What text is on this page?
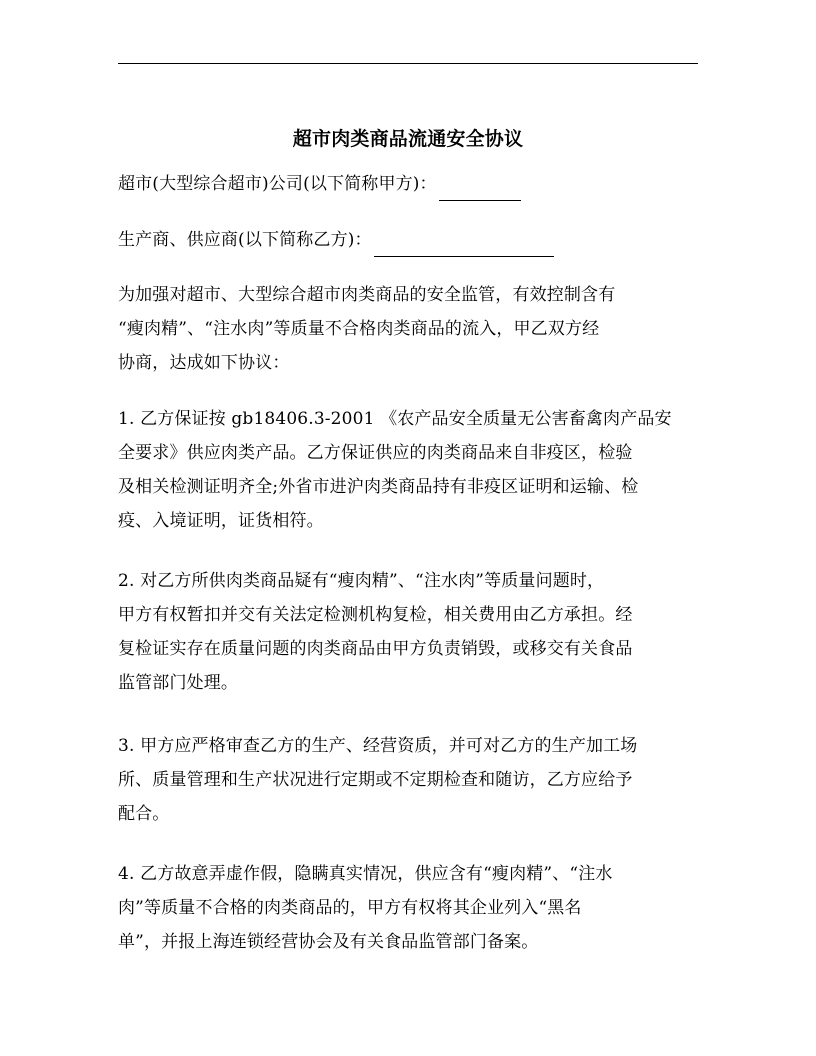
超市肉类商品流通安全协议
超市(大型综合超市)公司(以下简称甲方)：
生产商、供应商(以下简称乙方)：
为加强对超市、大型综合超市肉类商品的安全监管，有效控制含有
“瘦肉精”、“注水肉”等质量不合格肉类商品的流入，甲乙双方经
协商，达成如下协议：
1. 乙方保证按 gb18406.3-2001 《农产品安全质量无公害畜禽肉产品安
全要求》供应肉类产品。乙方保证供应的肉类商品来自非疫区，检验
及相关检测证明齐全;外省市进沪肉类商品持有非疫区证明和运输、检
疫、入境证明，证货相符。
2. 对乙方所供肉类商品疑有“瘦肉精”、“注水肉”等质量问题时，
甲方有权暂扣并交有关法定检测机构复检，相关费用由乙方承担。经
复检证实存在质量问题的肉类商品由甲方负责销毁，或移交有关食品
监管部门处理。
3. 甲方应严格审查乙方的生产、经营资质，并可对乙方的生产加工场
所、质量管理和生产状况进行定期或不定期检查和随访，乙方应给予
配合。
4. 乙方故意弄虚作假，隐瞒真实情况，供应含有“瘦肉精”、“注水
肉”等质量不合格的肉类商品的，甲方有权将其企业列入“黑名
单”，并报上海连锁经营协会及有关食品监管部门备案。
